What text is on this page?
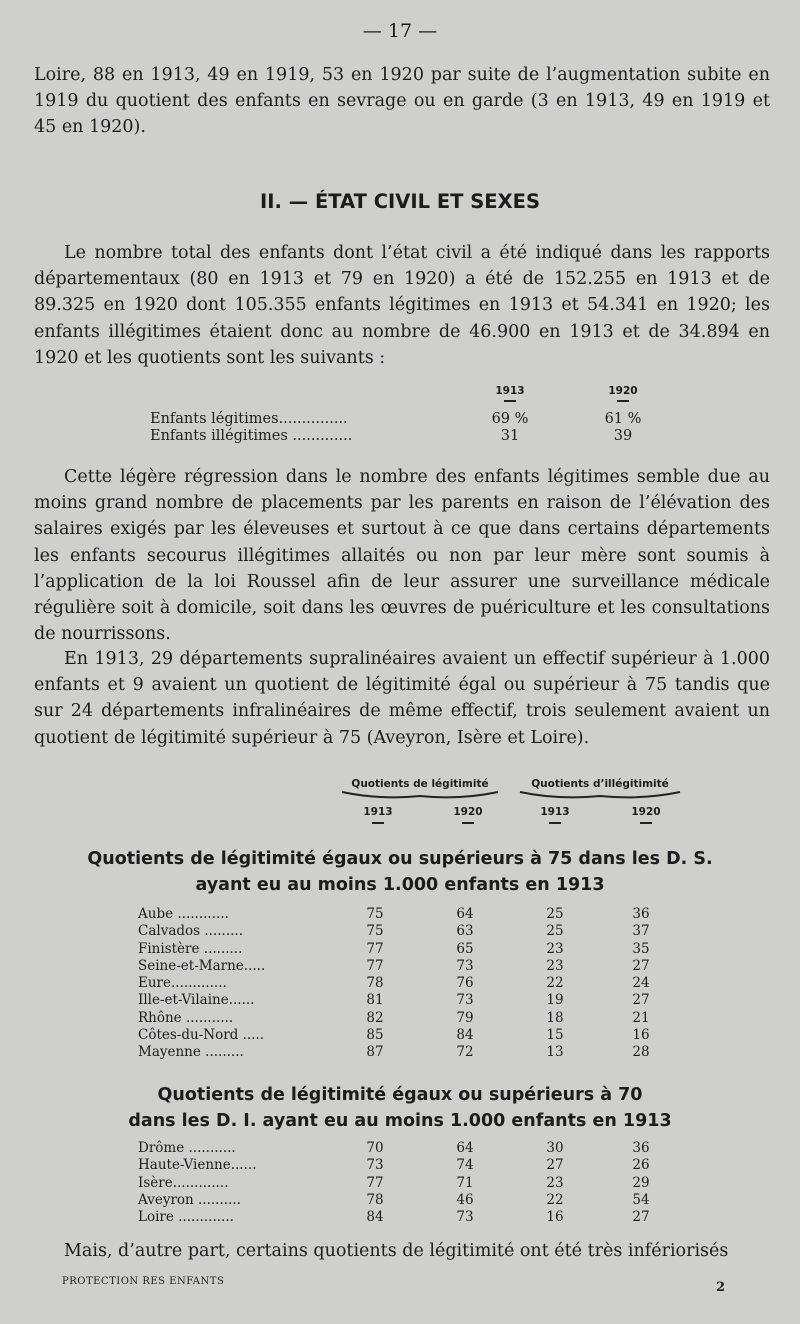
— 17 —

Loire, 88 en 1913, 49 en 1919, 53 en 1920 par suite de l’augmentation subite en 1919 du quotient des enfants en sevrage ou en garde (3 en 1913, 49 en 1919 et 45 en 1920).

II. — ÉTAT CIVIL ET SEXES

Le nombre total des enfants dont l’état civil a été indiqué dans les rapports départementaux (80 en 1913 et 79 en 1920) a été de 152.255 en 1913 et de 89.325 en 1920 dont 105.355 enfants légitimes en 1913 et 54.341 en 1920; les enfants illégitimes étaient donc au nombre de 46.900 en 1913 et de 34.894 en 1920 et les quotients sont les suivants :

1913	1920
Enfants légitimes...............	69 %	61 %
Enfants illégitimes .............	31	39

Cette légère régression dans le nombre des enfants légitimes semble due au moins grand nombre de placements par les parents en raison de l’élévation des salaires exigés par les éleveuses et surtout à ce que dans certains départements les enfants secourus illégitimes allaités ou non par leur mère sont soumis à l’application de la loi Roussel afin de leur assurer une surveillance médicale régulière soit à domicile, soit dans les œuvres de puériculture et les consultations de nourrissons.

En 1913, 29 départements supralinéaires avaient un effectif supérieur à 1.000 enfants et 9 avaient un quotient de légitimité égal ou supérieur à 75 tandis que sur 24 départements infralinéaires de même effectif, trois seulement avaient un quotient de légitimité supérieur à 75 (Aveyron, Isère et Loire).

Quotients de légitimité	Quotients d’illégitimité
1913	1920	1913	1920
Quotients de légitimité égaux ou supérieurs à 75 dans les D. S.
ayant eu au moins 1.000 enfants en 1913
Aube ............	75	64	25	36
Calvados .........	75	63	25	37
Finistère .........	77	65	23	35
Seine-et-Marne.....	77	73	23	27
Eure.............	78	76	22	24
Ille-et-Vilaine......	81	73	19	27
Rhône ...........	82	79	18	21
Côtes-du-Nord .....	85	84	15	16
Mayenne .........	87	72	13	28
Quotients de légitimité égaux ou supérieurs à 70
dans les D. I. ayant eu au moins 1.000 enfants en 1913
Drôme ...........	70	64	30	36
Haute-Vienne......	73	74	27	26
Isère.............	77	71	23	29
Aveyron ..........	78	46	22	54
Loire .............	84	73	16	27

Mais, d’autre part, certains quotients de légitimité ont été très infériorisés

PROTECTION RES ENFANTS	2
